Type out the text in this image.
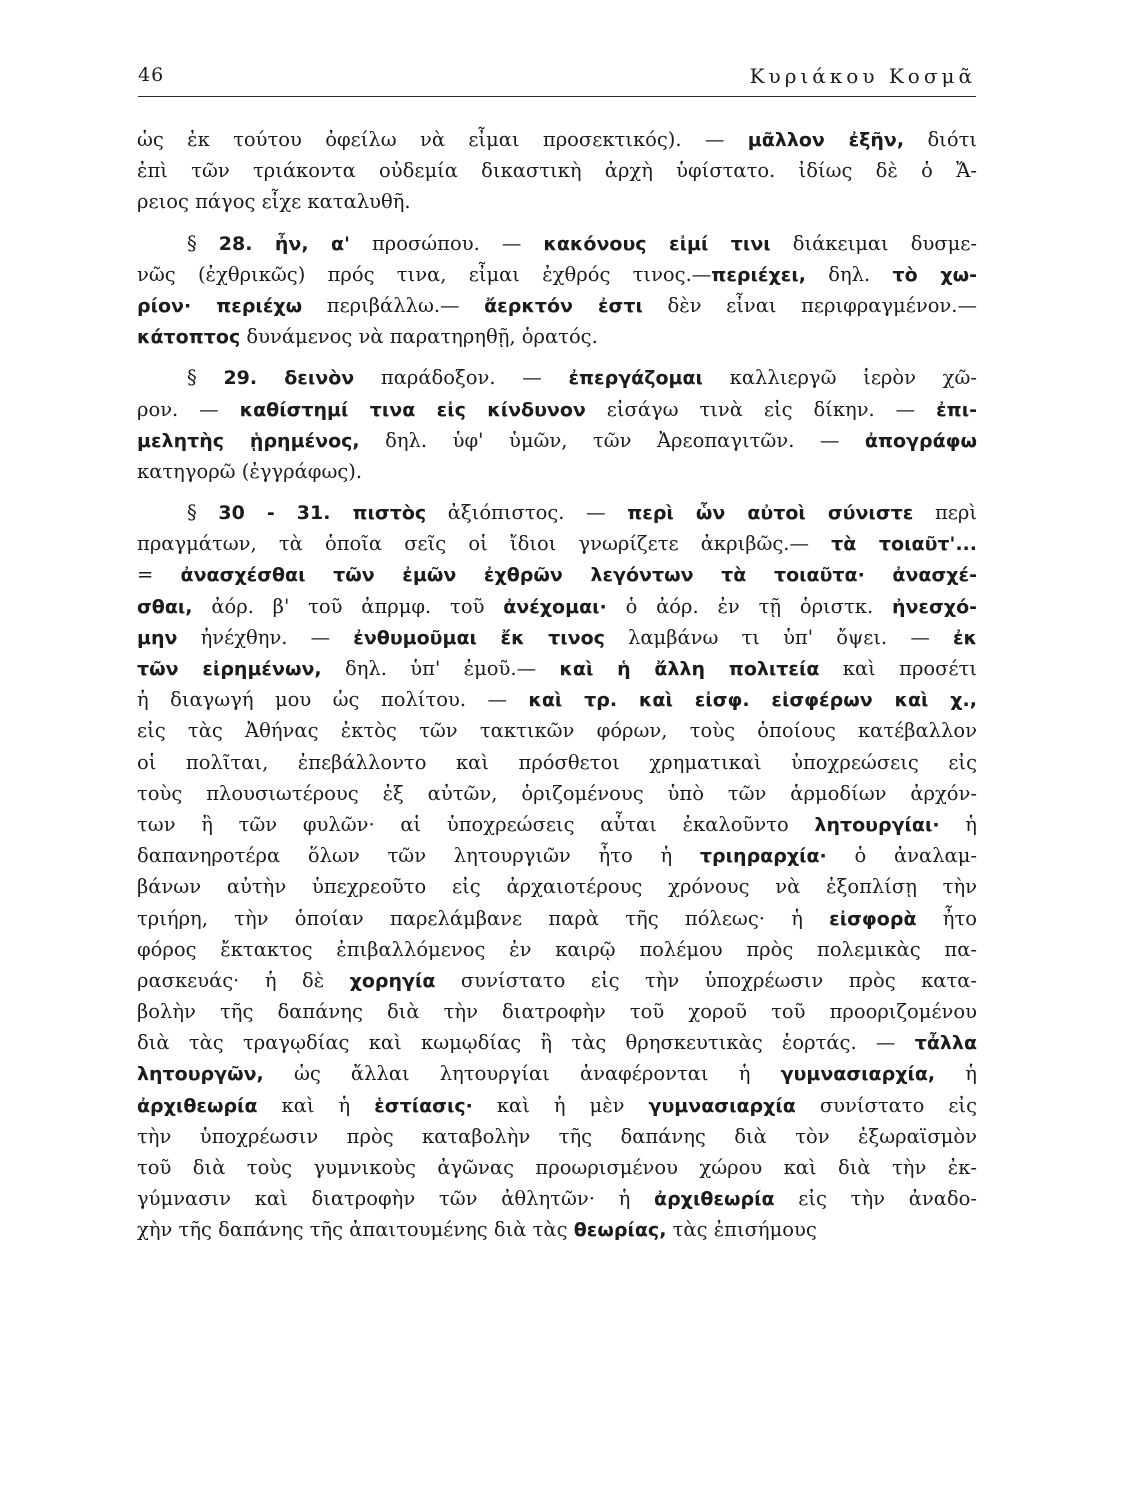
46	Κυριάκου Κοσμᾶ
ὡς ἐκ τούτου ὀφείλω νὰ εἶμαι προσεκτικός). — μᾶλλον ἐξῆν, διότι
ἐπὶ τῶν τριάκοντα οὐδεμία δικαστικὴ ἀρχὴ ὑφίστατο. ἰδίως δὲ ὁ Ἄ-
ρειος πάγος εἶχε καταλυθῆ.
§ 28. ἦν, α' προσώπου. — κακόνους εἰμί τινι διάκειμαι δυσμε-
νῶς (ἐχθρικῶς) πρός τινα, εἶμαι ἐχθρός τινος.—περιέχει, δηλ. τὸ χω-
ρίον· περιέχω περιβάλλω.— ἄερκτόν ἐστι δὲν εἶναι περιφραγμένον.—
κάτοπτος δυνάμενος νὰ παρατηρηθῇ, ὁρατός.
§ 29. δεινὸν παράδοξον. — ἐπεργάζομαι καλλιεργῶ ἱερὸν χῶ-
ρον. — καθίστημί τινα εἰς κίνδυνον εἰσάγω τινὰ εἰς δίκην. — ἐπι-
μελητὴς ᾑρημένος, δηλ. ὑφ' ὑμῶν, τῶν Ἀρεοπαγιτῶν. — ἀπογράφω
κατηγορῶ (ἐγγράφως).
§ 30 - 31. πιστὸς ἀξιόπιστος. — περὶ ὧν αὐτοὶ σύνιστε περὶ
πραγμάτων, τὰ ὁποῖα σεῖς οἱ ἴδιοι γνωρίζετε ἀκριβῶς.— τὰ τοιαῦτ'...
= ἀνασχέσθαι τῶν ἐμῶν ἐχθρῶν λεγόντων τὰ τοιαῦτα· ἀνασχέ-
σθαι, ἀόρ. β' τοῦ ἀπρμφ. τοῦ ἀνέχομαι· ὁ ἀόρ. ἐν τῇ ὁριστκ. ἠνεσχό-
μην ἠνέχθην. — ἐνθυμοῦμαι ἔκ τινος λαμβάνω τι ὑπ' ὄψει. — ἐκ
τῶν εἰρημένων, δηλ. ὑπ' ἐμοῦ.— καὶ ἡ ἄλλη πολιτεία καὶ προσέτι
ἡ διαγωγή μου ὡς πολίτου. — καὶ τρ. καὶ εἰσφ. εἰσφέρων καὶ χ.,
εἰς τὰς Ἀθήνας ἐκτὸς τῶν τακτικῶν φόρων, τοὺς ὁποίους κατέβαλλον
οἱ πολῖται, ἐπεβάλλοντο καὶ πρόσθετοι χρηματικαὶ ὑποχρεώσεις εἰς
τοὺς πλουσιωτέρους ἐξ αὐτῶν, ὁριζομένους ὑπὸ τῶν ἁρμοδίων ἀρχόν-
των ἢ τῶν φυλῶν· αἱ ὑποχρεώσεις αὗται ἐκαλοῦντο λητουργίαι· ἡ
δαπανηροτέρα ὅλων τῶν λητουργιῶν ἦτο ἡ τριηραρχία· ὁ ἀναλαμ-
βάνων αὐτὴν ὑπεχρεοῦτο εἰς ἀρχαιοτέρους χρόνους νὰ ἐξοπλίσῃ τὴν
τριήρη, τὴν ὁποίαν παρελάμβανε παρὰ τῆς πόλεως· ἡ εἰσφορὰ ἦτο
φόρος ἔκτακτος ἐπιβαλλόμενος ἐν καιρῷ πολέμου πρὸς πολεμικὰς πα-
ρασκευάς· ἡ δὲ χορηγία συνίστατο εἰς τὴν ὑποχρέωσιν πρὸς κατα-
βολὴν τῆς δαπάνης διὰ τὴν διατροφὴν τοῦ χοροῦ τοῦ προοριζομένου
διὰ τὰς τραγῳδίας καὶ κωμῳδίας ἢ τὰς θρησκευτικὰς ἑορτάς. — τἆλλα
λητουργῶν, ὡς ἄλλαι λητουργίαι ἀναφέρονται ἡ γυμνασιαρχία, ἡ
ἀρχιθεωρία καὶ ἡ ἑστίασις· καὶ ἡ μὲν γυμνασιαρχία συνίστατο εἰς
τὴν ὑποχρέωσιν πρὸς καταβολὴν τῆς δαπάνης διὰ τὸν ἐξωραϊσμὸν
τοῦ διὰ τοὺς γυμνικοὺς ἀγῶνας προωρισμένου χώρου καὶ διὰ τὴν ἐκ-
γύμνασιν καὶ διατροφὴν τῶν ἀθλητῶν· ἡ ἀρχιθεωρία εἰς τὴν ἀναδο-
χὴν τῆς δαπάνης τῆς ἀπαιτουμένης διὰ τὰς θεωρίας, τὰς ἐπισήμους
